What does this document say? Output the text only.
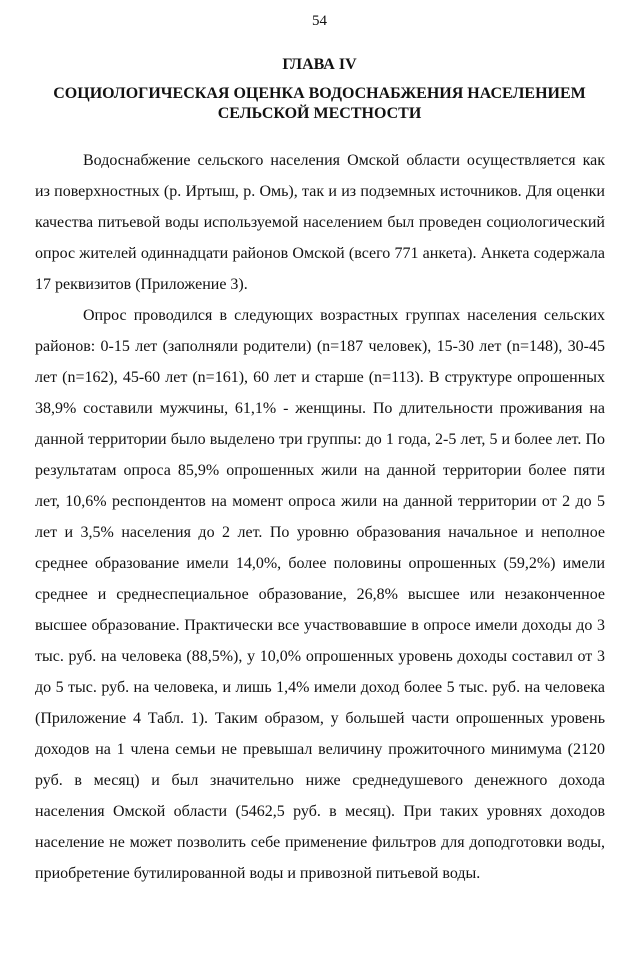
54
ГЛАВА IV
СОЦИОЛОГИЧЕСКАЯ ОЦЕНКА ВОДОСНАБЖЕНИЯ НАСЕЛЕНИЕМ
СЕЛЬСКОЙ МЕСТНОСТИ

Водоснабжение сельского населения Омской области осуществляется как из поверхностных (р. Иртыш, р. Омь), так и из подземных источников. Для оценки качества питьевой воды используемой населением был проведен социологический опрос жителей одиннадцати районов Омской (всего 771 анкета). Анкета содержала 17 реквизитов (Приложение 3).

Опрос проводился в следующих возрастных группах населения сельских районов: 0-15 лет (заполняли родители) (n=187 человек), 15-30 лет (n=148), 30-45 лет (n=162), 45-60 лет (n=161), 60 лет и старше (n=113). В структуре опрошенных 38,9% составили мужчины, 61,1% - женщины. По длительности проживания на данной территории было выделено три группы: до 1 года, 2-5 лет, 5 и более лет. По результатам опроса 85,9% опрошенных жили на данной территории более пяти лет, 10,6% респондентов на момент опроса жили на данной территории от 2 до 5 лет и 3,5% населения до 2 лет. По уровню образования начальное и неполное среднее образование имели 14,0%, более половины опрошенных (59,2%) имели среднее и среднеспециальное образование, 26,8% высшее или незаконченное высшее образование. Практически все участвовавшие в опросе имели доходы до 3 тыс. руб. на человека (88,5%), у 10,0% опрошенных уровень доходы составил от 3 до 5 тыс. руб. на человека, и лишь 1,4% имели доход более 5 тыс. руб. на человека (Приложение 4 Табл. 1). Таким образом, у большей части опрошенных уровень доходов на 1 члена семьи не превышал величину прожиточного минимума (2120 руб. в месяц) и был значительно ниже среднедушевого денежного дохода населения Омской области (5462,5 руб. в месяц). При таких уровнях доходов население не может позволить себе применение фильтров для доподготовки воды, приобретение бутилированной воды и привозной питьевой воды.
